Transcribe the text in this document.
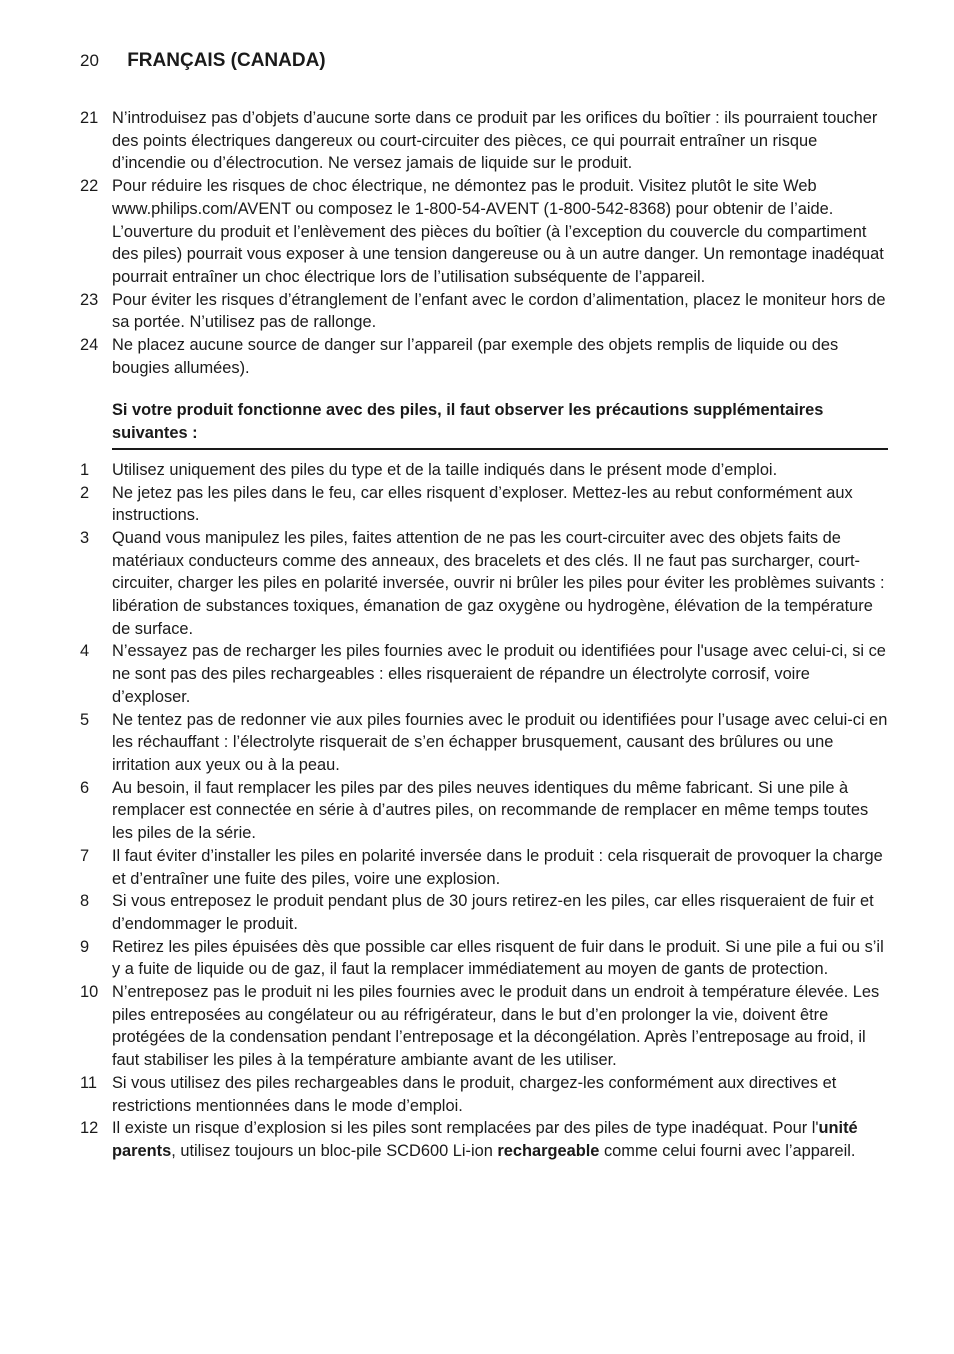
20 FRANÇAIS (CANADA)
21 N’introduisez pas d’objets d’aucune sorte dans ce produit par les orifices du boîtier : ils pourraient toucher des points électriques dangereux ou court-circuiter des pièces, ce qui pourrait entraîner un risque d’incendie ou d’électrocution. Ne versez jamais de liquide sur le produit.
22 Pour réduire les risques de choc électrique, ne démontez pas le produit. Visitez plutôt le site Web www.philips.com/AVENT ou composez le 1-800-54-AVENT (1-800-542-8368) pour obtenir de l’aide. L’ouverture du produit et l’enlèvement des pièces du boîtier (à l’exception du couvercle du compartiment des piles) pourrait vous exposer à une tension dangereuse ou à un autre danger. Un remontage inadéquat pourrait entraîner un choc électrique lors de l’utilisation subséquente de l’appareil.
23 Pour éviter les risques d’étranglement de l’enfant avec le cordon d’alimentation, placez le moniteur hors de sa portée. N’utilisez pas de rallonge.
24 Ne placez aucune source de danger sur l’appareil (par exemple des objets remplis de liquide ou des bougies allumées).
Si votre produit fonctionne avec des piles, il faut observer les précautions supplémentaires suivantes :
1	Utilisez uniquement des piles du type et de la taille indiqués dans le présent mode d’emploi.
2	Ne jetez pas les piles dans le feu, car elles risquent d’exploser. Mettez-les au rebut conformément aux instructions.
3	Quand vous manipulez les piles, faites attention de ne pas les court-circuiter avec des objets faits de matériaux conducteurs comme des anneaux, des bracelets et des clés. Il ne faut pas surcharger, court-circuiter, charger les piles en polarité inversée, ouvrir ni brûler les piles pour éviter les problèmes suivants : libération de substances toxiques, émanation de gaz oxygène ou hydrogène, élévation de la température de surface.
4	N’essayez pas de recharger les piles fournies avec le produit ou identifiées pour l'usage avec celui-ci, si ce ne sont pas des piles rechargeables : elles risqueraient de répandre un électrolyte corrosif, voire d’exploser.
5	Ne tentez pas de redonner vie aux piles fournies avec le produit ou identifiées pour l’usage avec celui-ci en les réchauffant : l’électrolyte risquerait de s’en échapper brusquement, causant des brûlures ou une irritation aux yeux ou à la peau.
6	Au besoin, il faut remplacer les piles par des piles neuves identiques du même fabricant. Si une pile à remplacer est connectée en série à d’autres piles, on recommande de remplacer en même temps toutes les piles de la série.
7	Il faut éviter d’installer les piles en polarité inversée dans le produit : cela risquerait de provoquer la charge et d’entraîner une fuite des piles, voire une explosion.
8	Si vous entreposez le produit pendant plus de 30 jours retirez-en les piles, car elles risqueraient de fuir et d’endommager le produit.
9	Retirez les piles épuisées dès que possible car elles risquent de fuir dans le produit. Si une pile a fui ou s’il y a fuite de liquide ou de gaz, il faut la remplacer immédiatement au moyen de gants de protection.
10 N’entreposez pas le produit ni les piles fournies avec le produit dans un endroit à température élevée. Les piles entreposées au congélateur ou au réfrigérateur, dans le but d’en prolonger la vie, doivent être protégées de la condensation pendant l’entreposage et la décongélation. Après l’entreposage au froid, il faut stabiliser les piles à la température ambiante avant de les utiliser.
11 Si vous utilisez des piles rechargeables dans le produit, chargez-les conformément aux directives et restrictions mentionnées dans le mode d’emploi.
12 Il existe un risque d’explosion si les piles sont remplacées par des piles de type inadéquat. Pour l'unité parents, utilisez toujours un bloc-pile SCD600 Li-ion rechargeable comme celui fourni avec l’appareil.
